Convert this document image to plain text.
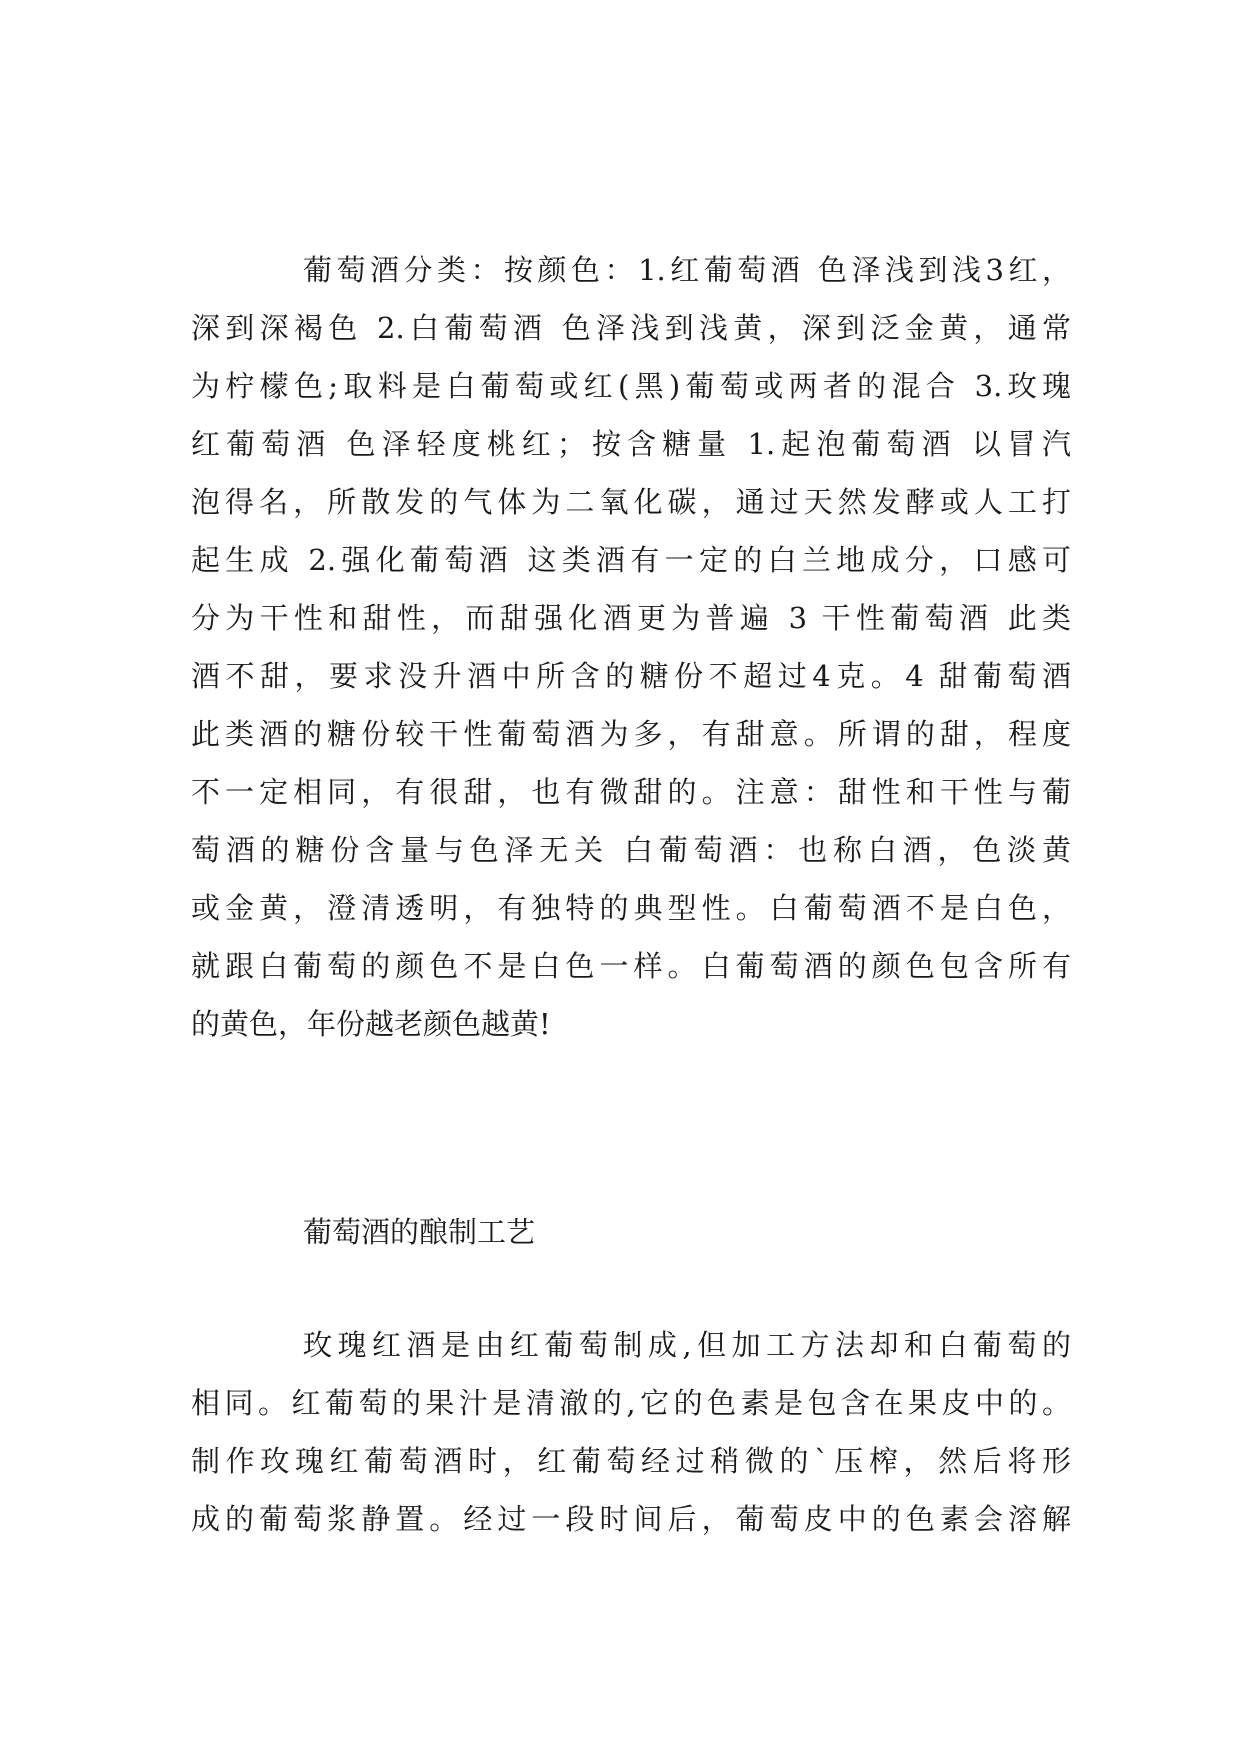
葡萄酒分类：按颜色：1.红葡萄酒 色泽浅到浅3红，
深到深褐色 2.白葡萄酒 色泽浅到浅黄，深到泛金黄，通常
为柠檬色;取料是白葡萄或红(黑)葡萄或两者的混合 3.玫瑰
红葡萄酒 色泽轻度桃红；按含糖量 1.起泡葡萄酒 以冒汽
泡得名，所散发的气体为二氧化碳，通过天然发酵或人工打
起生成 2.强化葡萄酒 这类酒有一定的白兰地成分，口感可
分为干性和甜性，而甜强化酒更为普遍 3 干性葡萄酒 此类
酒不甜，要求没升酒中所含的糖份不超过4克。4 甜葡萄酒
此类酒的糖份较干性葡萄酒为多，有甜意。所谓的甜，程度
不一定相同，有很甜，也有微甜的。注意：甜性和干性与葡
萄酒的糖份含量与色泽无关 白葡萄酒：也称白酒，色淡黄
或金黄，澄清透明，有独特的典型性。白葡萄酒不是白色，
就跟白葡萄的颜色不是白色一样。白葡萄酒的颜色包含所有
的黄色，年份越老颜色越黄!
葡萄酒的酿制工艺
玫瑰红酒是由红葡萄制成,但加工方法却和白葡萄的
相同。红葡萄的果汁是清澈的,它的色素是包含在果皮中的。
制作玫瑰红葡萄酒时，红葡萄经过稍微的`压榨，然后将形
成的葡萄浆静置。经过一段时间后，葡萄皮中的色素会溶解
